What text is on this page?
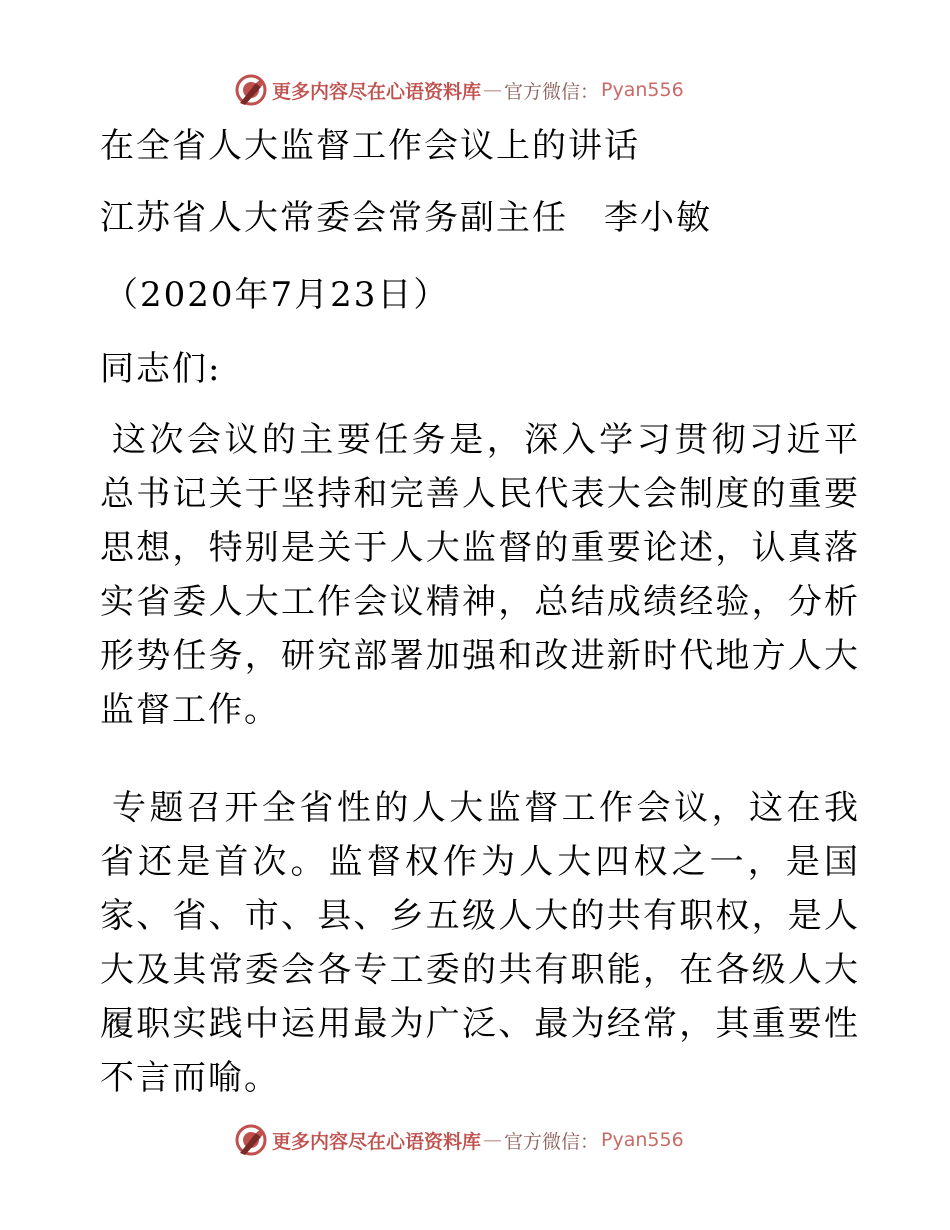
更多内容尽在心语资料库 — 官方微信： Pyan556

在全省人大监督工作会议上的讲话

江苏省人大常委会常务副主任　李小敏

（2020年7月23日）

同志们:

这次会议的主要任务是，深入学习贯彻习近平总书记关于坚持和完善人民代表大会制度的重要思想，特别是关于人大监督的重要论述，认真落实省委人大工作会议精神，总结成绩经验，分析形势任务，研究部署加强和改进新时代地方人大监督工作。

专题召开全省性的人大监督工作会议，这在我省还是首次。监督权作为人大四权之一，是国家、省、市、县、乡五级人大的共有职权，是人大及其常委会各专工委的共有职能，在各级人大履职实践中运用最为广泛、最为经常，其重要性不言而喻。

更多内容尽在心语资料库 — 官方微信： Pyan556
